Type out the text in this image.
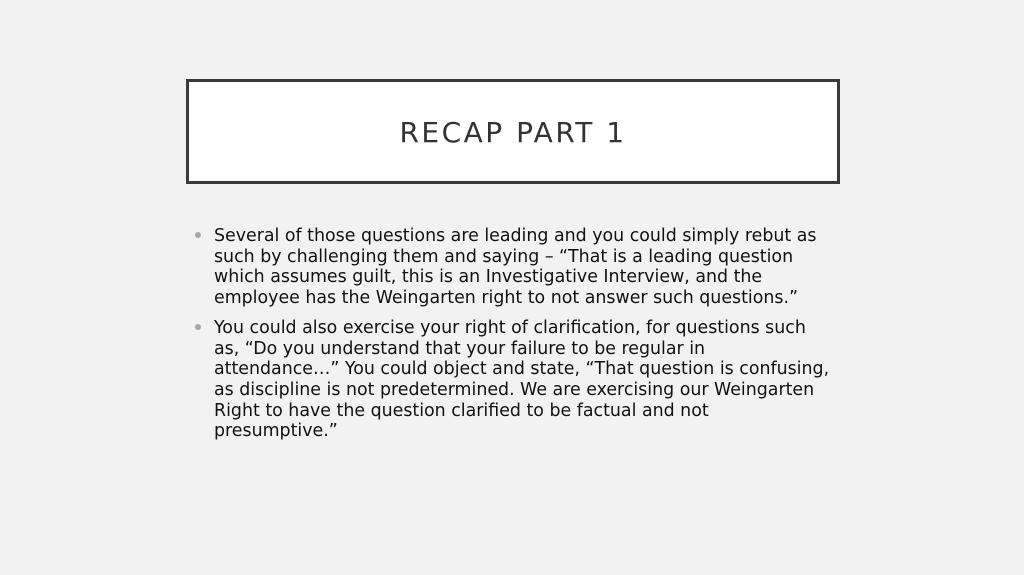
RECAP PART 1
Several of those questions are leading and you could simply rebut as such by challenging them and saying – “That is a leading question which assumes guilt, this is an Investigative Interview, and the employee has the Weingarten right to not answer such questions.”
You could also exercise your right of clarification, for questions such as, “Do you understand that your failure to be regular in attendance…” You could object and state, “That question is confusing, as discipline is not predetermined. We are exercising our Weingarten Right to have the question clarified to be factual and not presumptive.”
